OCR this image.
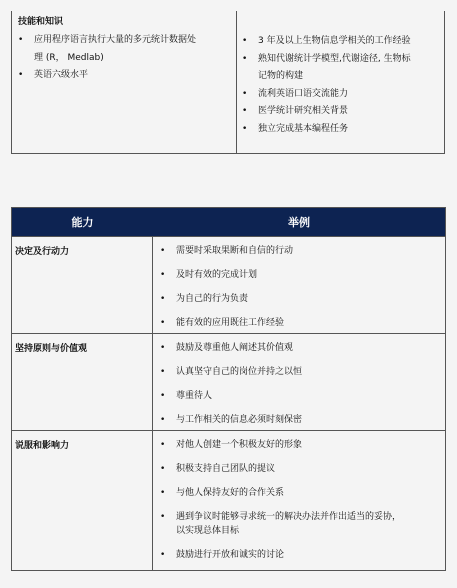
技能和知识
• 应用程序语言执行大量的多元统计数据处
理 (R， Medlab)
• 英语六级水平
• 3 年及以上生物信息学相关的工作经验
• 熟知代谢统计学模型,代谢途径, 生物标
记物的构建
• 流利英语口语交流能力
• 医学统计研究相关背景
• 独立完成基本编程任务
能力	举例
决定及行动力	• 需要时采取果断和自信的行动
• 及时有效的完成计划
• 为自己的行为负责
• 能有效的应用既往工作经验
坚持原则与价值观	• 鼓励及尊重他人阐述其价值观
• 认真坚守自己的岗位并持之以恒
• 尊重待人
• 与工作相关的信息必须时刻保密
说服和影响力	• 对他人创建一个积极友好的形象
• 积极支持自己团队的提议
• 与他人保持友好的合作关系
• 遇到争议时能够寻求统一的解决办法并作出适当的妥协，以实现总体目标
• 鼓励进行开放和诚实的讨论
